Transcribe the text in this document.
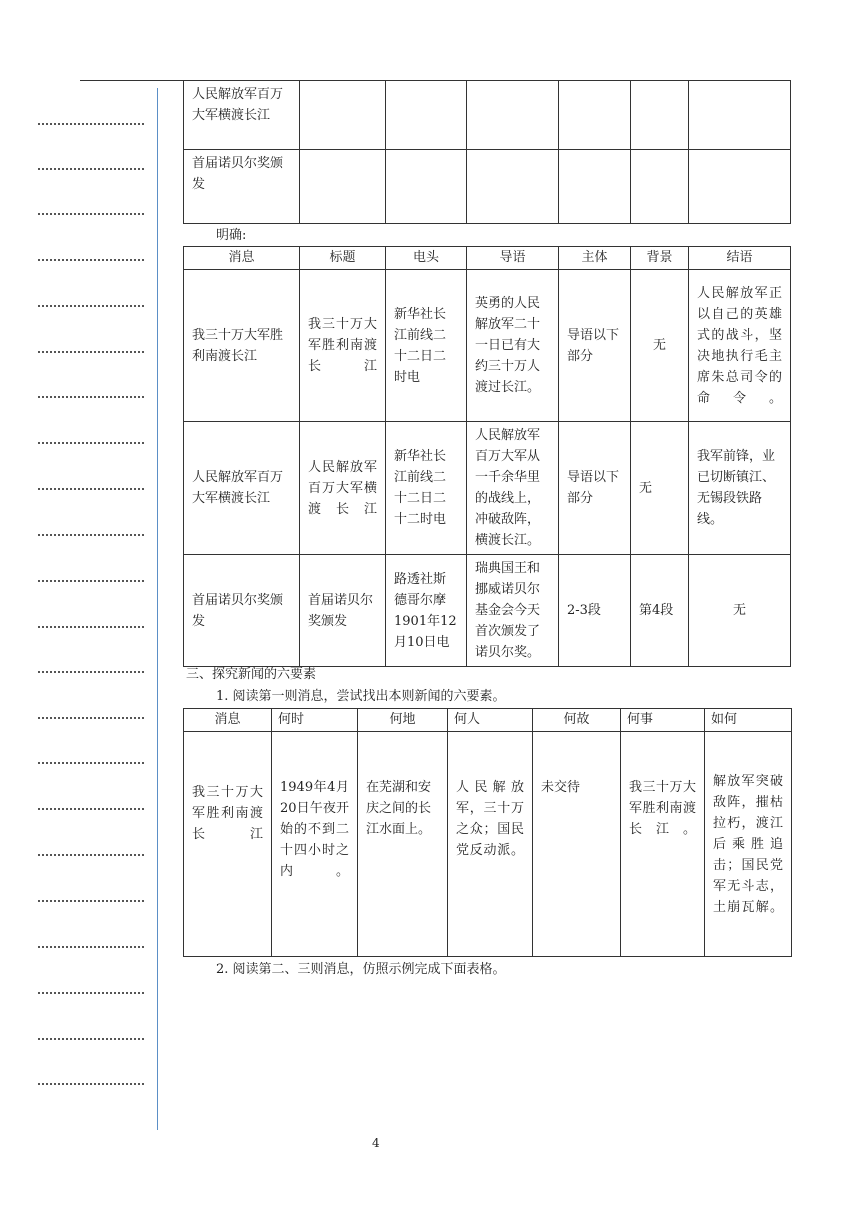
人民解放军百万大军横渡长江						
首届诺贝尔奖颁发						
明确:
消息	标题	电头	导语	主体	背景	结语
我三十万大军胜利南渡长江	我三十万大军胜利南渡长江	新华社长江前线二十二日二时电	英勇的人民解放军二十一日已有大约三十万人渡过长江。	导语以下部分	无	人民解放军正以自己的英雄式的战斗，坚决地执行毛主席朱总司令的命令。
人民解放军百万大军横渡长江	人民解放军百万大军横渡长江	新华社长江前线二十二日二十二时电	人民解放军百万大军从一千余华里的战线上，冲破敌阵，横渡长江。	导语以下部分	无	我军前锋，业已切断镇江、无锡段铁路线。
首届诺贝尔奖颁发	首届诺贝尔奖颁发	路透社斯德哥尔摩1901年12月10日电	瑞典国王和挪威诺贝尔基金会今天首次颁发了诺贝尔奖。	2-3段	第4段	无
三、探究新闻的六要素
1. 阅读第一则消息，尝试找出本则新闻的六要素。
消息	何时	何地	何人	何故	何事	如何
我三十万大军胜利南渡长江	1949年4月20日午夜开始的不到二十四小时之内。	在芜湖和安庆之间的长江水面上。	人民解放军，三十万之众；国民党反动派。	未交待	我三十万大军胜利南渡长江。	解放军突破敌阵，摧枯拉朽，渡江后乘胜追击；国民党军无斗志，土崩瓦解。
2. 阅读第二、三则消息，仿照示例完成下面表格。
4
